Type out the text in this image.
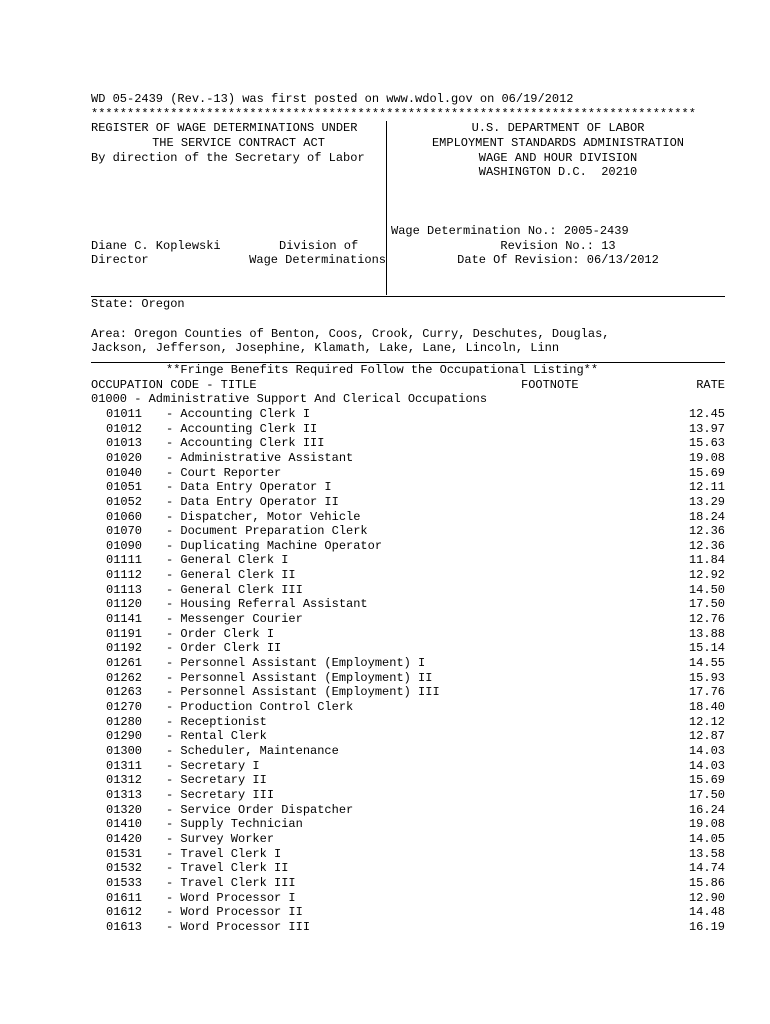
WD 05-2439 (Rev.-13) was first posted on www.wdol.gov on 06/19/2012
************************************************************************************
REGISTER OF WAGE DETERMINATIONS UNDER
THE SERVICE CONTRACT ACT
By direction of the Secretary of Labor
Diane C. Koplewski	Division of
Director	Wage Determinations
U.S. DEPARTMENT OF LABOR
EMPLOYMENT STANDARDS ADMINISTRATION
WAGE AND HOUR DIVISION
WASHINGTON D.C.  20210
Wage Determination No.: 2005-2439
Revision No.: 13
Date Of Revision: 06/13/2012
State: Oregon
Area: Oregon Counties of Benton, Coos, Crook, Curry, Deschutes, Douglas,
Jackson, Jefferson, Josephine, Klamath, Lake, Lane, Lincoln, Linn
**Fringe Benefits Required Follow the Occupational Listing**
OCCUPATION CODE - TITLE	FOOTNOTE	RATE
01000 - Administrative Support And Clerical Occupations
01011 - Accounting Clerk I	12.45
01012 - Accounting Clerk II	13.97
01013 - Accounting Clerk III	15.63
01020 - Administrative Assistant	19.08
01040 - Court Reporter	15.69
01051 - Data Entry Operator I	12.11
01052 - Data Entry Operator II	13.29
01060 - Dispatcher, Motor Vehicle	18.24
01070 - Document Preparation Clerk	12.36
01090 - Duplicating Machine Operator	12.36
01111 - General Clerk I	11.84
01112 - General Clerk II	12.92
01113 - General Clerk III	14.50
01120 - Housing Referral Assistant	17.50
01141 - Messenger Courier	12.76
01191 - Order Clerk I	13.88
01192 - Order Clerk II	15.14
01261 - Personnel Assistant (Employment) I	14.55
01262 - Personnel Assistant (Employment) II	15.93
01263 - Personnel Assistant (Employment) III	17.76
01270 - Production Control Clerk	18.40
01280 - Receptionist	12.12
01290 - Rental Clerk	12.87
01300 - Scheduler, Maintenance	14.03
01311 - Secretary I	14.03
01312 - Secretary II	15.69
01313 - Secretary III	17.50
01320 - Service Order Dispatcher	16.24
01410 - Supply Technician	19.08
01420 - Survey Worker	14.05
01531 - Travel Clerk I	13.58
01532 - Travel Clerk II	14.74
01533 - Travel Clerk III	15.86
01611 - Word Processor I	12.90
01612 - Word Processor II	14.48
01613 - Word Processor III	16.19
